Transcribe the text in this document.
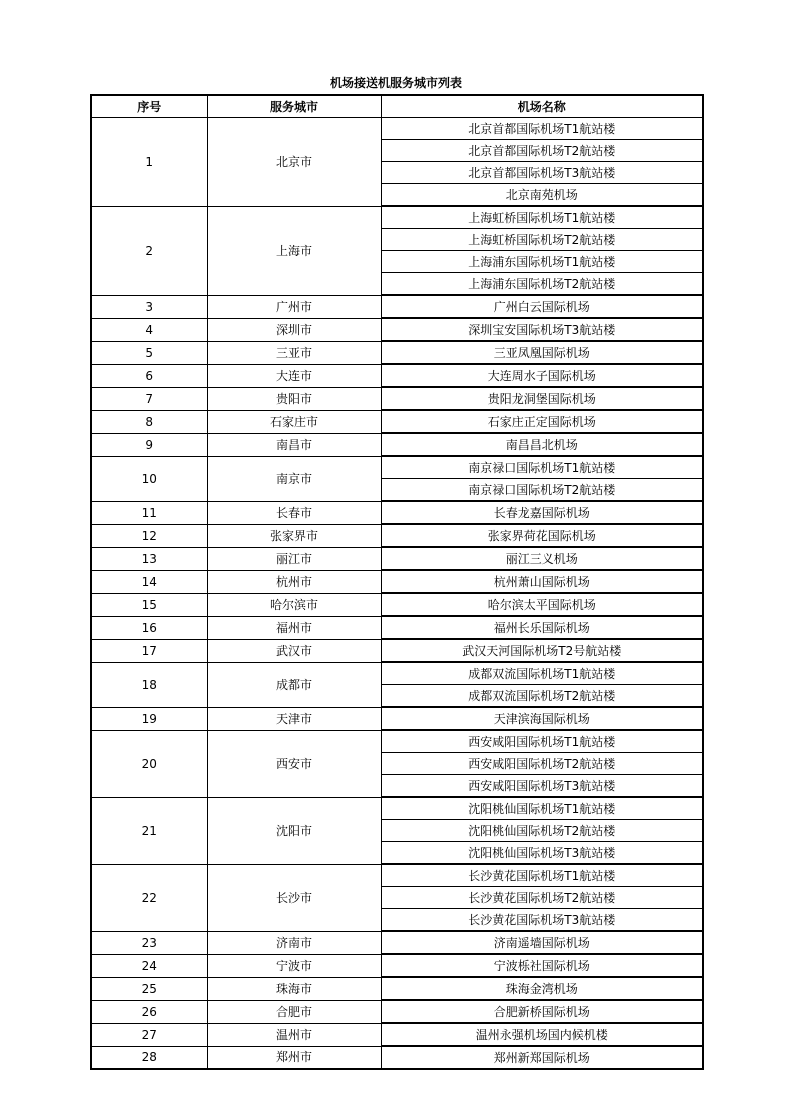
机场接送机服务城市列表
序号	服务城市	机场名称
1	北京市	北京首都国际机场T1航站楼
		北京首都国际机场T2航站楼
		北京首都国际机场T3航站楼
		北京南苑机场
2	上海市	上海虹桥国际机场T1航站楼
		上海虹桥国际机场T2航站楼
		上海浦东国际机场T1航站楼
		上海浦东国际机场T2航站楼
3	广州市	广州白云国际机场
4	深圳市	深圳宝安国际机场T3航站楼
5	三亚市	三亚凤凰国际机场
6	大连市	大连周水子国际机场
7	贵阳市	贵阳龙洞堡国际机场
8	石家庄市	石家庄正定国际机场
9	南昌市	南昌昌北机场
10	南京市	南京禄口国际机场T1航站楼
		南京禄口国际机场T2航站楼
11	长春市	长春龙嘉国际机场
12	张家界市	张家界荷花国际机场
13	丽江市	丽江三义机场
14	杭州市	杭州萧山国际机场
15	哈尔滨市	哈尔滨太平国际机场
16	福州市	福州长乐国际机场
17	武汉市	武汉天河国际机场T2号航站楼
18	成都市	成都双流国际机场T1航站楼
		成都双流国际机场T2航站楼
19	天津市	天津滨海国际机场
20	西安市	西安咸阳国际机场T1航站楼
		西安咸阳国际机场T2航站楼
		西安咸阳国际机场T3航站楼
21	沈阳市	沈阳桃仙国际机场T1航站楼
		沈阳桃仙国际机场T2航站楼
		沈阳桃仙国际机场T3航站楼
22	长沙市	长沙黄花国际机场T1航站楼
		长沙黄花国际机场T2航站楼
		长沙黄花国际机场T3航站楼
23	济南市	济南遥墙国际机场
24	宁波市	宁波栎社国际机场
25	珠海市	珠海金湾机场
26	合肥市	合肥新桥国际机场
27	温州市	温州永强机场国内候机楼
28	郑州市	郑州新郑国际机场
